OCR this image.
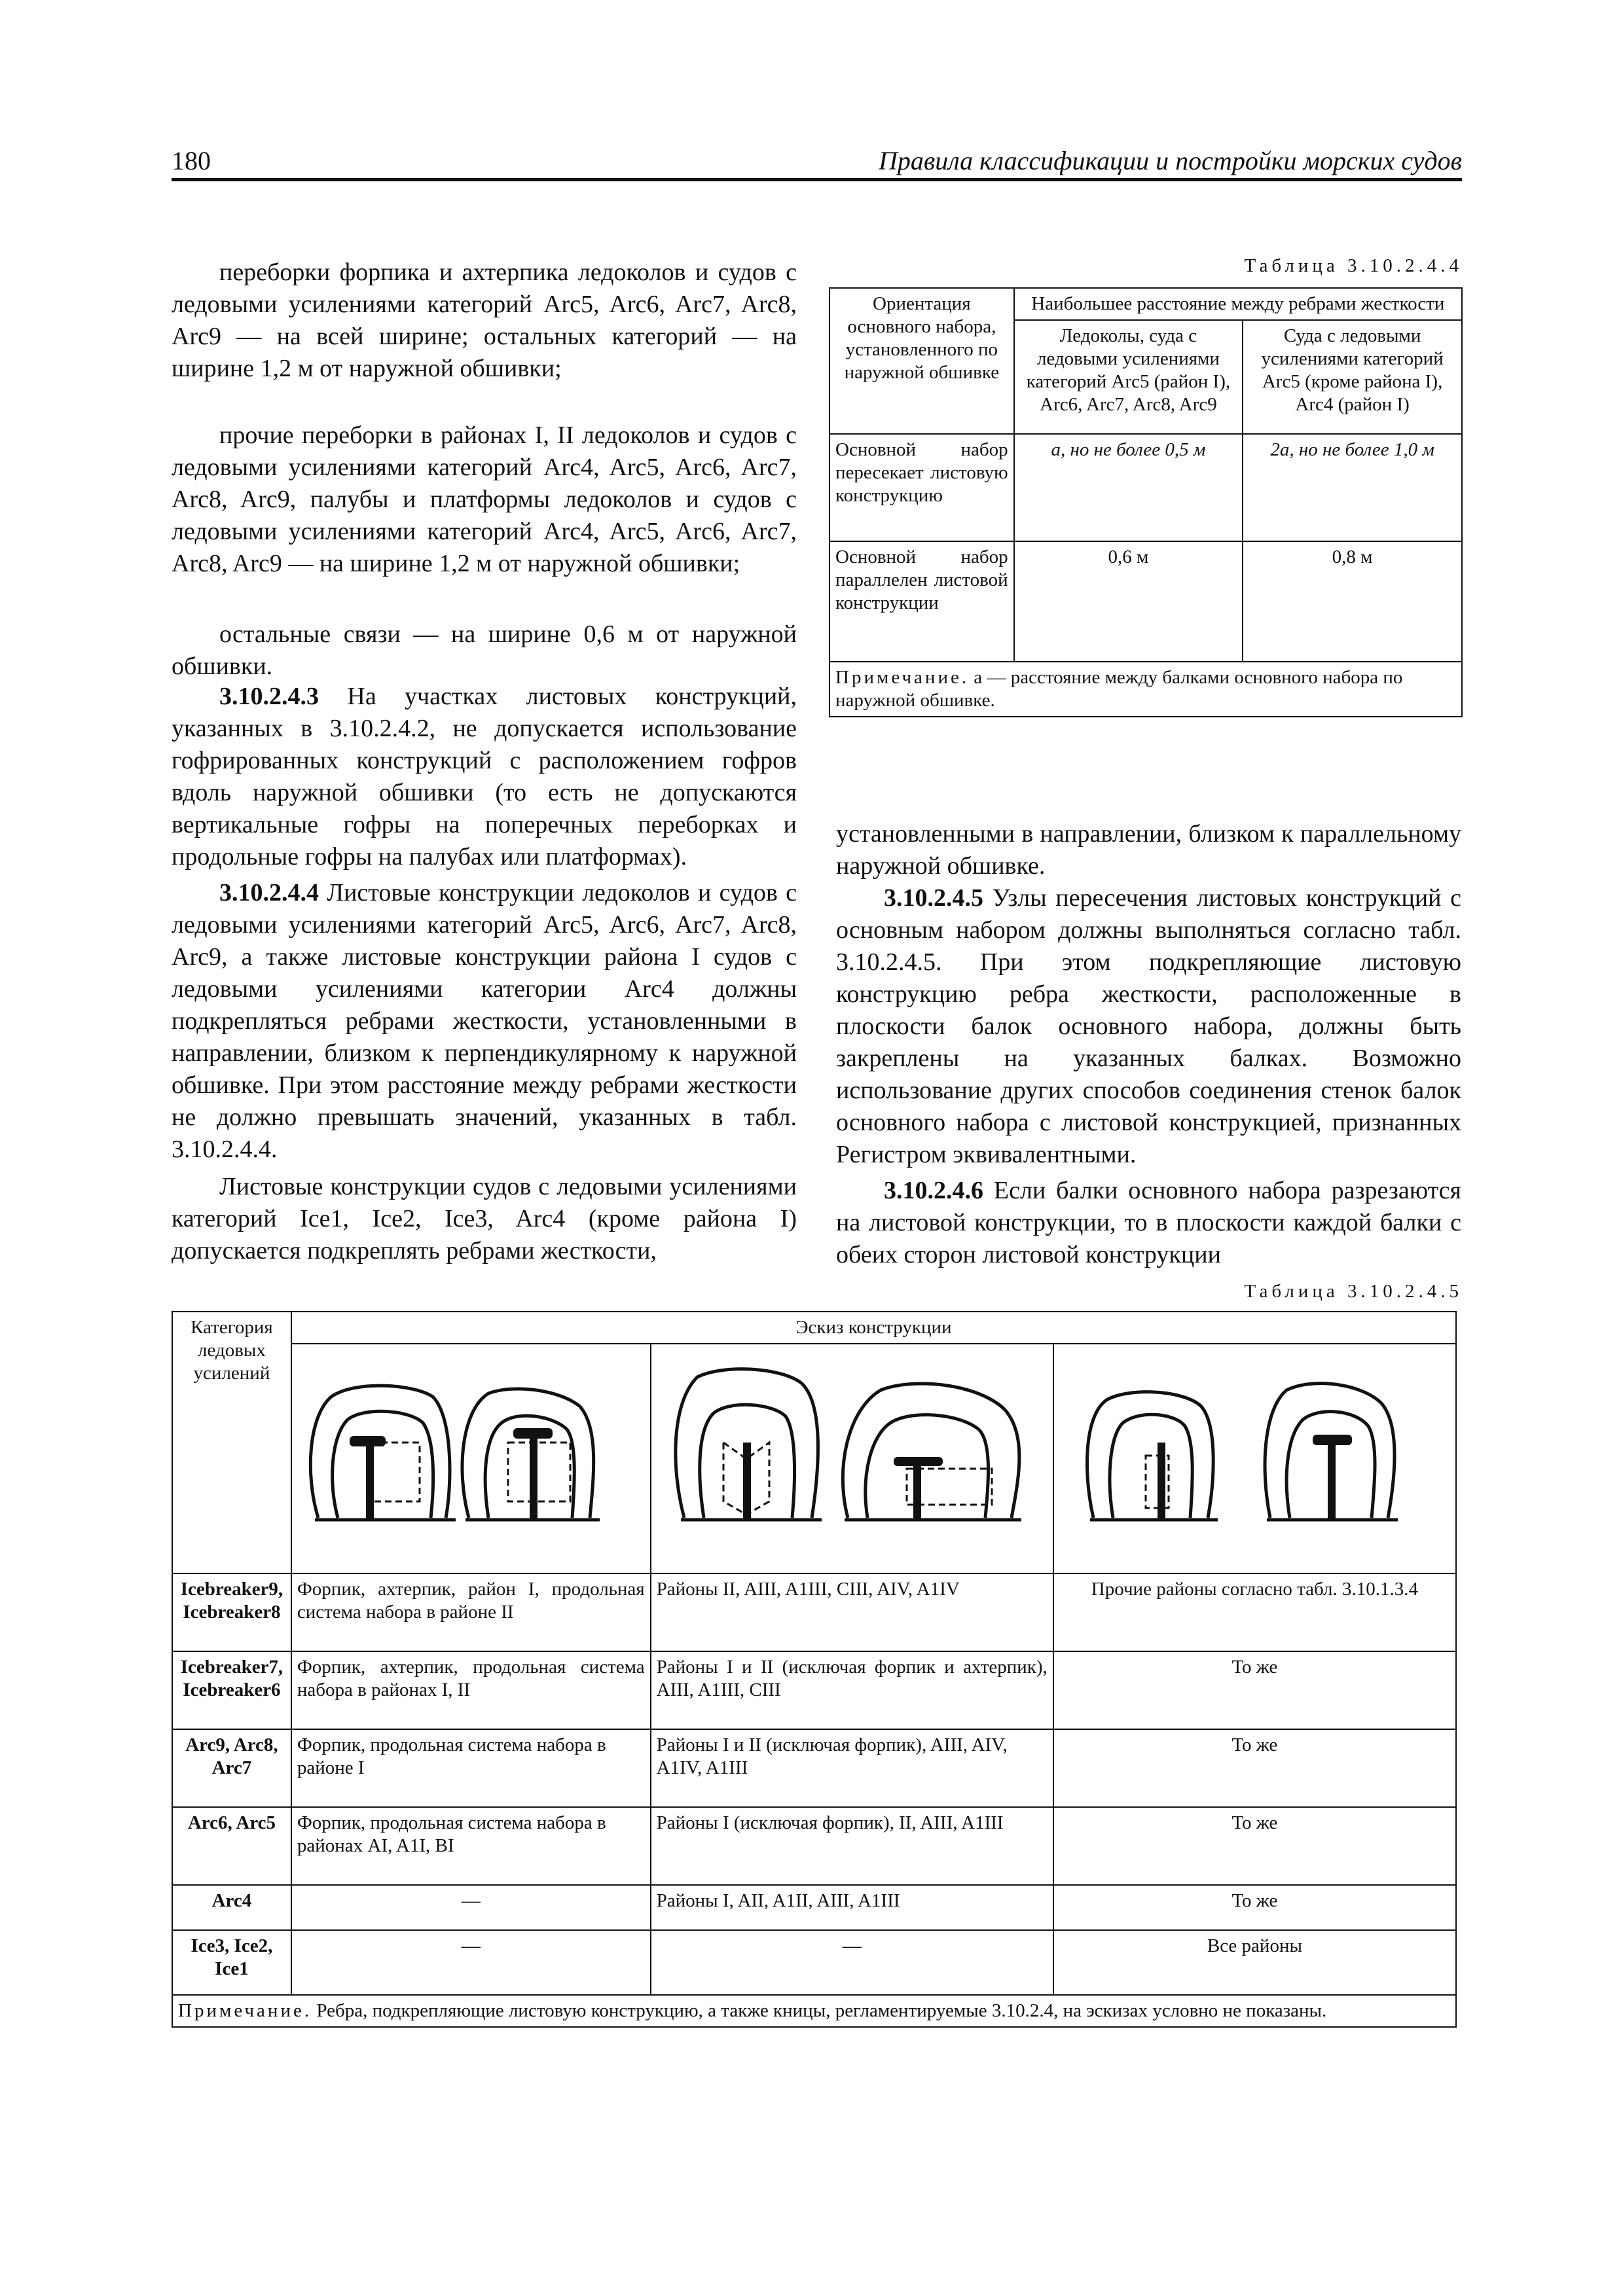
180	Правила классификации и постройки морских судов

переборки форпика и ахтерпика ледоколов и судов с ледовыми усилениями категорий Arc5, Arc6, Arc7, Arc8, Arc9 — на всей ширине; остальных категорий — на ширине 1,2 м от наружной обшивки;

прочие переборки в районах I, II ледоколов и судов с ледовыми усилениями категорий Arc4, Arc5, Arc6, Arc7, Arc8, Arc9, палубы и платформы ледоколов и судов с ледовыми усилениями категорий Arc4, Arc5, Arc6, Arc7, Arc8, Arc9 — на ширине 1,2 м от наружной обшивки;

остальные связи — на ширине 0,6 м от наружной обшивки.

3.10.2.4.3 На участках листовых конструкций, указанных в 3.10.2.4.2, не допускается использование гофрированных конструкций с расположением гофров вдоль наружной обшивки (то есть не допускаются вертикальные гофры на поперечных переборках и продольные гофры на палубах или платформах).

3.10.2.4.4 Листовые конструкции ледоколов и судов с ледовыми усилениями категорий Arc5, Arc6, Arc7, Arc8, Arc9, а также листовые конструкции района I судов с ледовыми усилениями категории Arc4 должны подкрепляться ребрами жесткости, установленными в направлении, близком к перпендикулярному к наружной обшивке. При этом расстояние между ребрами жесткости не должно превышать значений, указанных в табл. 3.10.2.4.4.

Листовые конструкции судов с ледовыми усилениями категорий Ice1, Ice2, Ice3, Arc4 (кроме района I) допускается подкреплять ребрами жесткости,

Таблица 3.10.2.4.4
Ориентация основного набора, установленного по наружной обшивке	Наибольшее расстояние между ребрами жесткости	
	Ледоколы, суда с ледовыми усилениями категорий Arc5 (район I), Arc6, Arc7, Arc8, Arc9	Суда с ледовыми усилениями категорий Arc5 (кроме района I), Arc4 (район I)
Основной набор пересекает листовую конструкцию	a, но не более 0,5 м	2a, но не более 1,0 м
Основной набор параллелен листовой конструкции	0,6 м	0,8 м
Примечание. a — расстояние между балками основного набора по наружной обшивке.		

установленными в направлении, близком к параллельному наружной обшивке.

3.10.2.4.5 Узлы пересечения листовых конструкций с основным набором должны выполняться согласно табл. 3.10.2.4.5. При этом подкрепляющие листовую конструкцию ребра жесткости, расположенные в плоскости балок основного набора, должны быть закреплены на указанных балках. Возможно использование других способов соединения стенок балок основного набора с листовой конструкцией, признанных Регистром эквивалентными.

3.10.2.4.6 Если балки основного набора разрезаются на листовой конструкции, то в плоскости каждой балки с обеих сторон листовой конструкции

Таблица 3.10.2.4.5
Категория ледовых усилений	Эскиз конструкции		

Icebreaker9, Icebreaker8	Форпик, ахтерпик, район I, продольная система набора в районе II	Районы II, AIII, A1III, CIII, AIV, A1IV	Прочие районы согласно табл. 3.10.1.3.4
Icebreaker7, Icebreaker6	Форпик, ахтерпик, продольная система набора в районах I, II	Районы I и II (исключая форпик и ахтерпик), AIII, A1III, CIII	То же
Arc9, Arc8, Arc7	Форпик, продольная система набора в районе I	Районы I и II (исключая форпик), AIII, AIV, A1IV, A1III	То же
Arc6, Arc5	Форпик, продольная система набора в районах AI, A1I, BI	Районы I (исключая форпик), II, AIII, A1III	То же
Arc4	—	Районы I, AII, A1II, AIII, A1III	То же
Ice3, Ice2, Ice1	—	—	Все районы
Примечание. Ребра, подкрепляющие листовую конструкцию, а также кницы, регламентируемые 3.10.2.4, на эскизах условно не показаны.			
